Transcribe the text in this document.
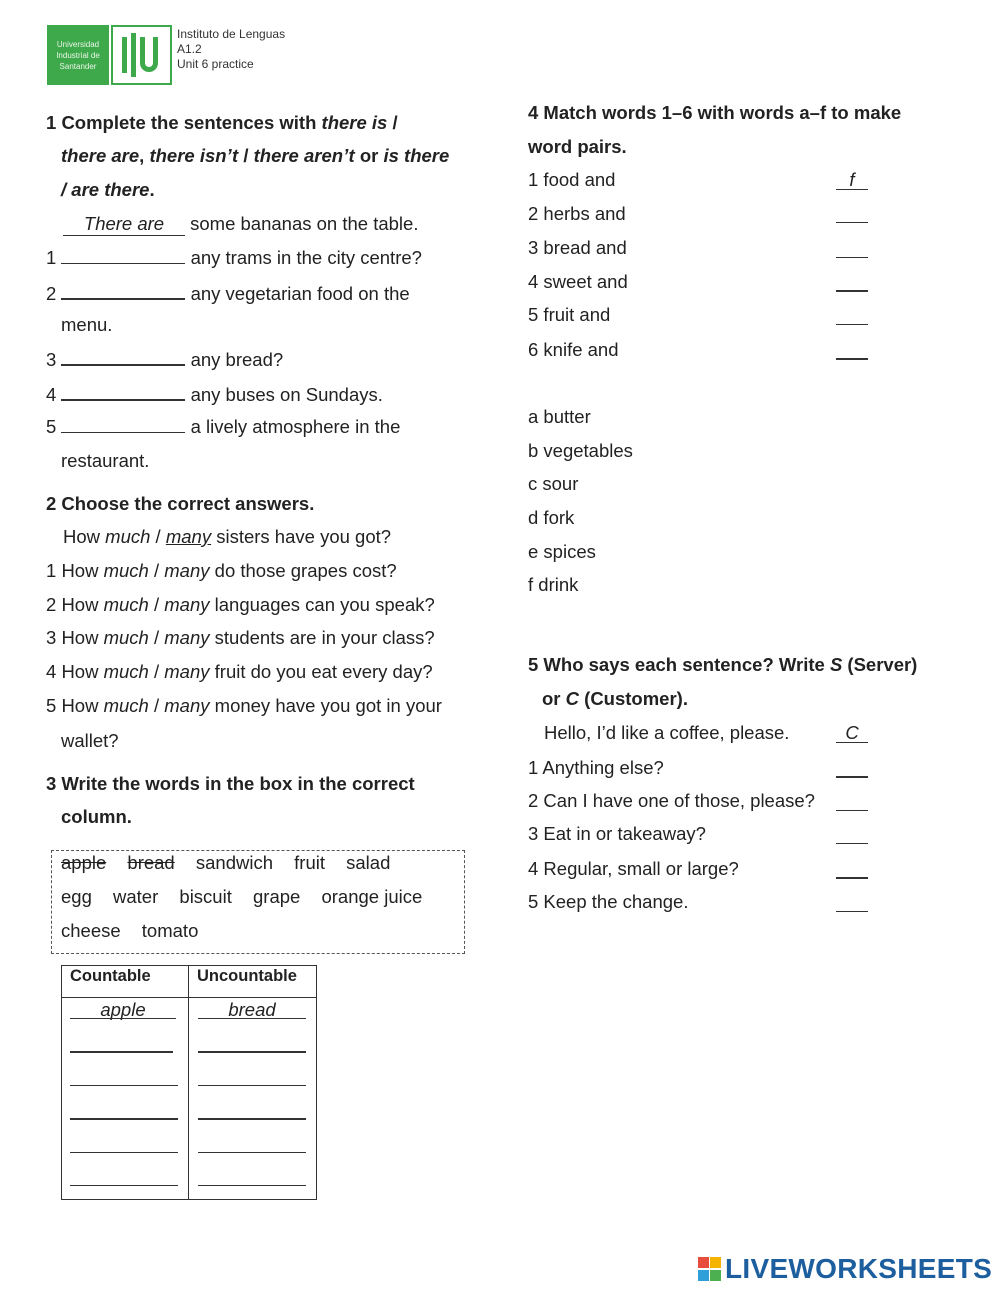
Universidad Industrial de Santander
Instituto de Lenguas
A1.2
Unit 6 practice
1 Complete the sentences with there is /
there are, there isn’t / there aren’t or is there
/ are there.
There are some bananas on the table.
1	any trams in the city centre?
2	any vegetarian food on the
menu.
3	any bread?
4	any buses on Sundays.
5	a lively atmosphere in the
restaurant.
2 Choose the correct answers.
How much / many sisters have you got?
1 How much / many do those grapes cost?
2 How much / many languages can you speak?
3 How much / many students are in your class?
4 How much / many fruit do you eat every day?
5 How much / many money have you got in your
wallet?
3 Write the words in the box in the correct
column.
apple bread sandwich fruit salad
egg water biscuit grape orange juice
cheese tomato
Countable	Uncountable
apple	bread
4 Match words 1–6 with words a–f to make
word pairs.
1 food and	f
2 herbs and
3 bread and
4 sweet and
5 fruit and
6 knife and
a butter
b vegetables
c sour
d fork
e spices
f drink
5 Who says each sentence? Write S (Server)
or C (Customer).
Hello, I’d like a coffee, please.	C
1 Anything else?
2 Can I have one of those, please?
3 Eat in or takeaway?
4 Regular, small or large?
5 Keep the change.
LIVEWORKSHEETS
